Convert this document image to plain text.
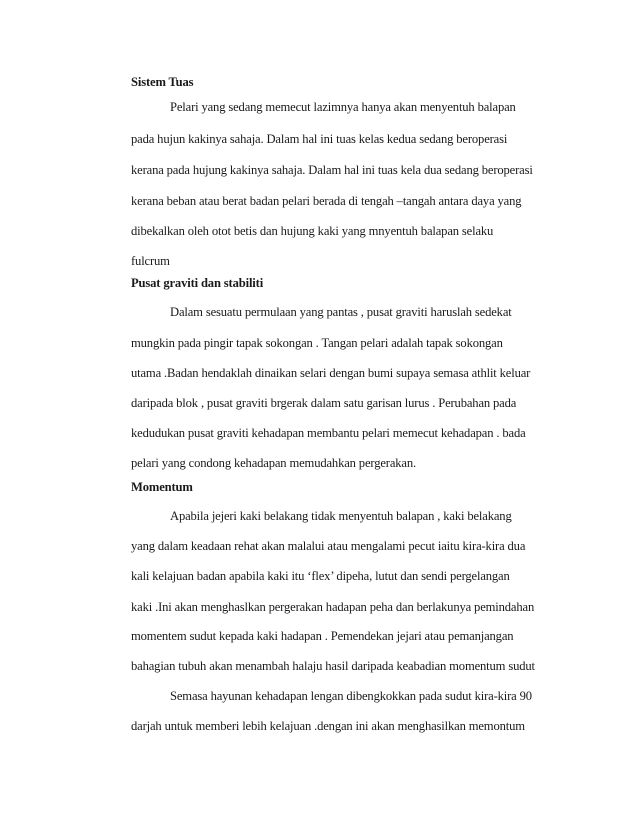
Sistem Tuas
Pelari yang sedang memecut lazimnya hanya akan menyentuh balapan
pada hujun kakinya sahaja. Dalam hal ini tuas kelas kedua sedang beroperasi
kerana pada hujung kakinya sahaja. Dalam hal ini tuas kela dua sedang beroperasi
kerana beban atau berat badan pelari berada di tengah –tangah antara daya yang
dibekalkan oleh otot betis dan hujung kaki yang mnyentuh balapan selaku
fulcrum
Pusat graviti dan stabiliti
Dalam sesuatu permulaan yang pantas , pusat graviti haruslah sedekat
mungkin pada pingir tapak sokongan . Tangan pelari adalah tapak sokongan
utama .Badan hendaklah dinaikan selari dengan bumi supaya semasa athlit keluar
daripada blok , pusat graviti brgerak dalam satu garisan lurus . Perubahan pada
kedudukan pusat graviti kehadapan membantu pelari memecut kehadapan . bada
pelari yang condong kehadapan memudahkan pergerakan.
Momentum
Apabila jejeri kaki belakang tidak menyentuh balapan , kaki belakang
yang dalam keadaan rehat akan malalui atau mengalami pecut iaitu kira-kira dua
kali kelajuan badan apabila kaki itu ‘flex’ dipeha, lutut dan sendi pergelangan
kaki .Ini akan menghaslkan pergerakan hadapan peha dan berlakunya pemindahan
momentem sudut kepada kaki hadapan . Pemendekan jejari atau pemanjangan
bahagian tubuh akan menambah halaju hasil daripada keabadian momentum sudut
Semasa hayunan kehadapan lengan dibengkokkan pada sudut kira-kira 90
darjah untuk memberi lebih kelajuan .dengan ini akan menghasilkan memontum
